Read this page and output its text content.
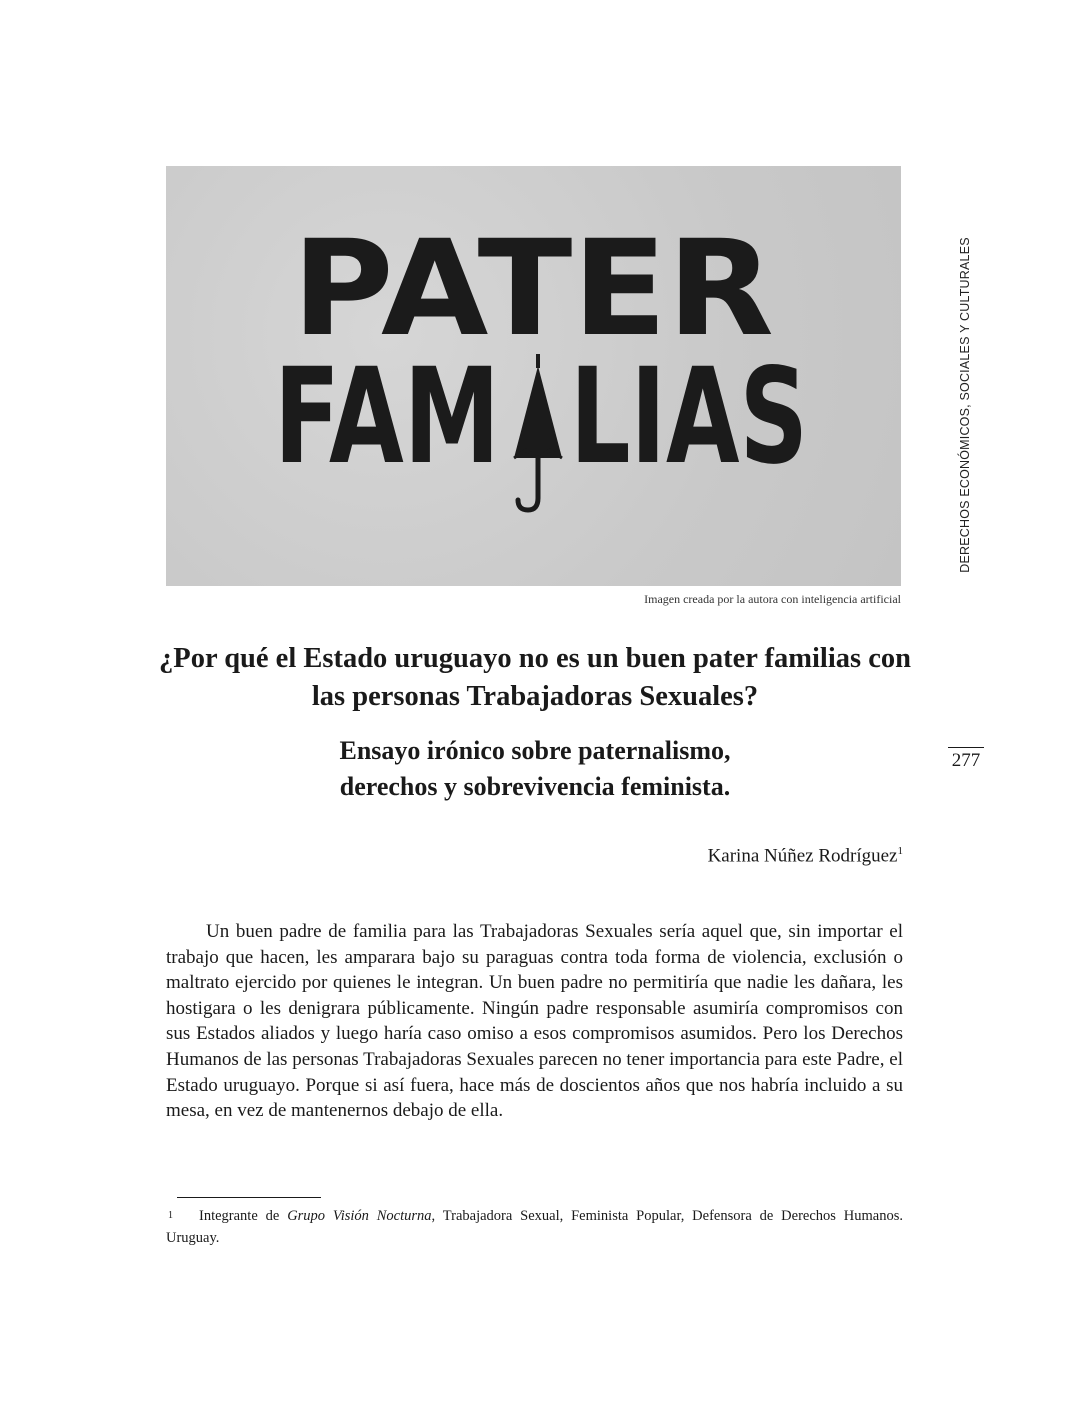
PATER
FAM LIAS
Imagen creada por la autora con inteligencia artificial
¿Por qué el Estado uruguayo no es un buen pater familias con las personas Trabajadoras Sexuales?
Ensayo irónico sobre paternalismo,
derechos y sobrevivencia feminista.
Karina Núñez Rodríguez$^1$

Un buen padre de familia para las Trabajadoras Sexuales sería aquel que, sin importar el trabajo que hacen, les amparara bajo su paraguas contra toda forma de violencia, exclusión o maltrato ejercido por quienes le integran. Un buen padre no permitiría que nadie les dañara, les hostigara o les denigrara públicamente. Ningún padre responsable asumiría compromisos con sus Estados aliados y luego haría caso omiso a esos compromisos asumidos. Pero los Derechos Humanos de las personas Trabajadoras Sexuales parecen no tener importancia para este Padre, el Estado uruguayo. Porque si así fuera, hace más de doscientos años que nos habría incluido a su mesa, en vez de mantenernos debajo de ella.

$^1$ Integrante de Grupo Visión Nocturna, Trabajadora Sexual, Feminista Popular, Defensora de Derechos Humanos. Uruguay.

DERECHOS ECONÓMICOS, SOCIALES Y CULTURALES
277
